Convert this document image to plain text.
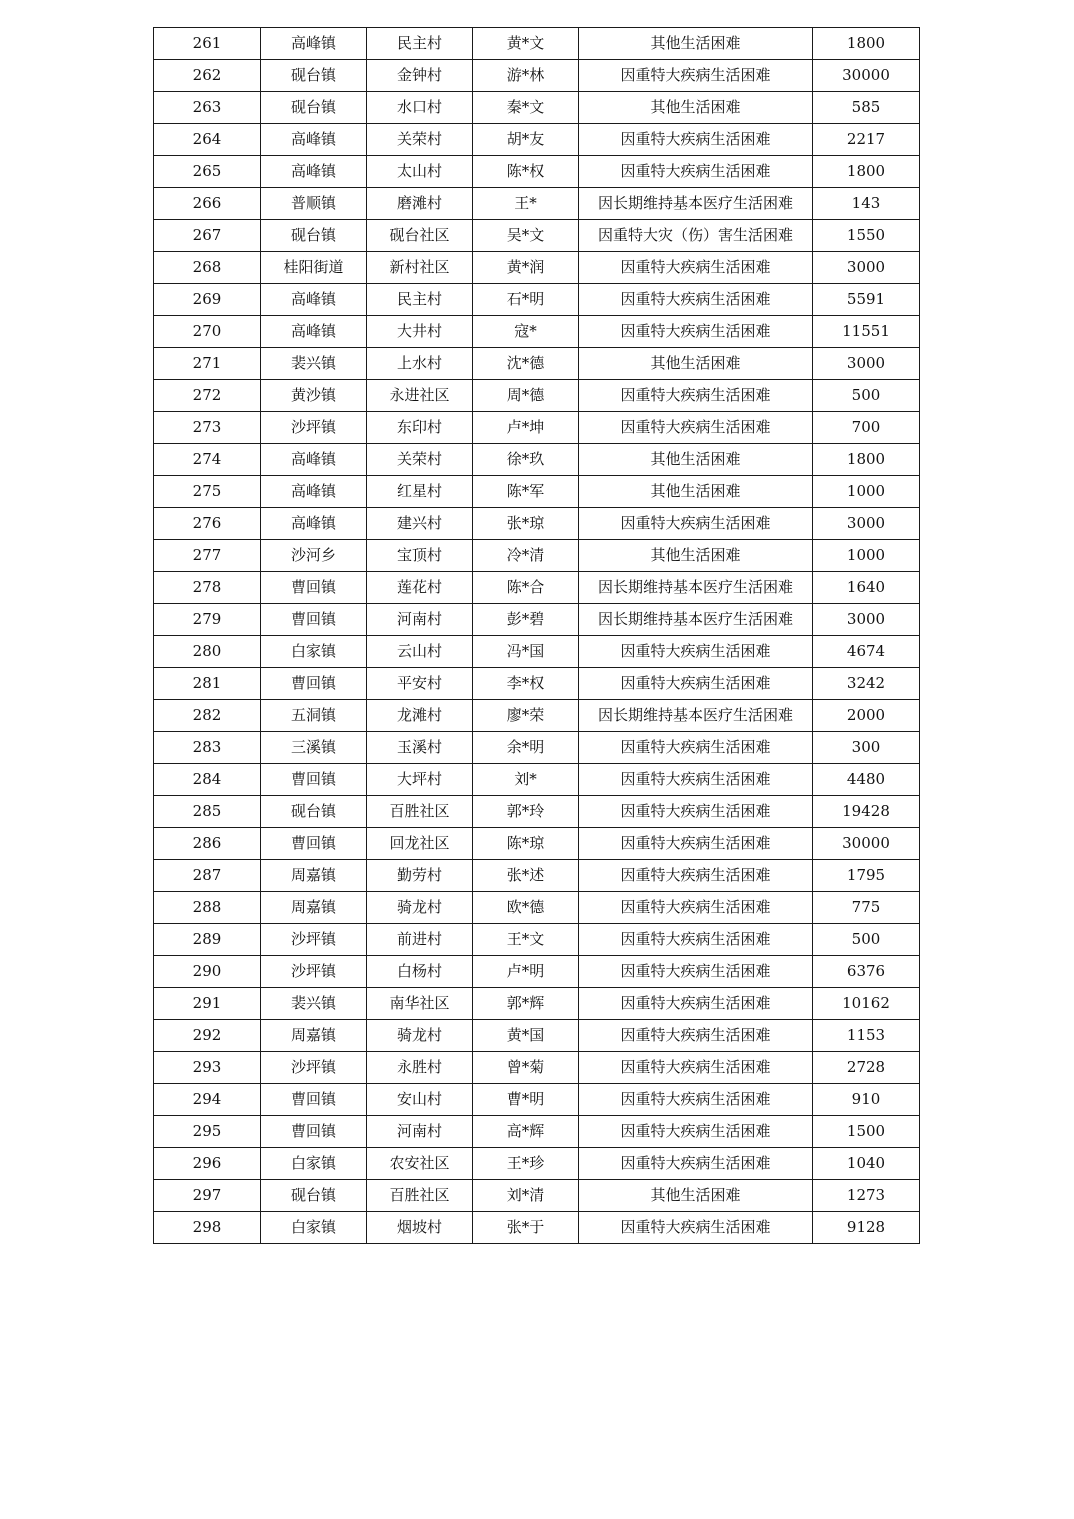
261	高峰镇	民主村	黄*文	其他生活困难	1800
262	砚台镇	金钟村	游*林	因重特大疾病生活困难	30000
263	砚台镇	水口村	秦*文	其他生活困难	585
264	高峰镇	关荣村	胡*友	因重特大疾病生活困难	2217
265	高峰镇	太山村	陈*权	因重特大疾病生活困难	1800
266	普顺镇	磨滩村	王*	因长期维持基本医疗生活困难	143
267	砚台镇	砚台社区	吴*文	因重特大灾（伤）害生活困难	1550
268	桂阳街道	新村社区	黄*润	因重特大疾病生活困难	3000
269	高峰镇	民主村	石*明	因重特大疾病生活困难	5591
270	高峰镇	大井村	寇*	因重特大疾病生活困难	11551
271	裴兴镇	上水村	沈*德	其他生活困难	3000
272	黄沙镇	永进社区	周*德	因重特大疾病生活困难	500
273	沙坪镇	东印村	卢*坤	因重特大疾病生活困难	700
274	高峰镇	关荣村	徐*玖	其他生活困难	1800
275	高峰镇	红星村	陈*军	其他生活困难	1000
276	高峰镇	建兴村	张*琼	因重特大疾病生活困难	3000
277	沙河乡	宝顶村	冷*清	其他生活困难	1000
278	曹回镇	莲花村	陈*合	因长期维持基本医疗生活困难	1640
279	曹回镇	河南村	彭*碧	因长期维持基本医疗生活困难	3000
280	白家镇	云山村	冯*国	因重特大疾病生活困难	4674
281	曹回镇	平安村	李*权	因重特大疾病生活困难	3242
282	五洞镇	龙滩村	廖*荣	因长期维持基本医疗生活困难	2000
283	三溪镇	玉溪村	余*明	因重特大疾病生活困难	300
284	曹回镇	大坪村	刘*	因重特大疾病生活困难	4480
285	砚台镇	百胜社区	郭*玲	因重特大疾病生活困难	19428
286	曹回镇	回龙社区	陈*琼	因重特大疾病生活困难	30000
287	周嘉镇	勤劳村	张*述	因重特大疾病生活困难	1795
288	周嘉镇	骑龙村	欧*德	因重特大疾病生活困难	775
289	沙坪镇	前进村	王*文	因重特大疾病生活困难	500
290	沙坪镇	白杨村	卢*明	因重特大疾病生活困难	6376
291	裴兴镇	南华社区	郭*辉	因重特大疾病生活困难	10162
292	周嘉镇	骑龙村	黄*国	因重特大疾病生活困难	1153
293	沙坪镇	永胜村	曾*菊	因重特大疾病生活困难	2728
294	曹回镇	安山村	曹*明	因重特大疾病生活困难	910
295	曹回镇	河南村	高*辉	因重特大疾病生活困难	1500
296	白家镇	农安社区	王*珍	因重特大疾病生活困难	1040
297	砚台镇	百胜社区	刘*清	其他生活困难	1273
298	白家镇	烟坡村	张*于	因重特大疾病生活困难	9128
